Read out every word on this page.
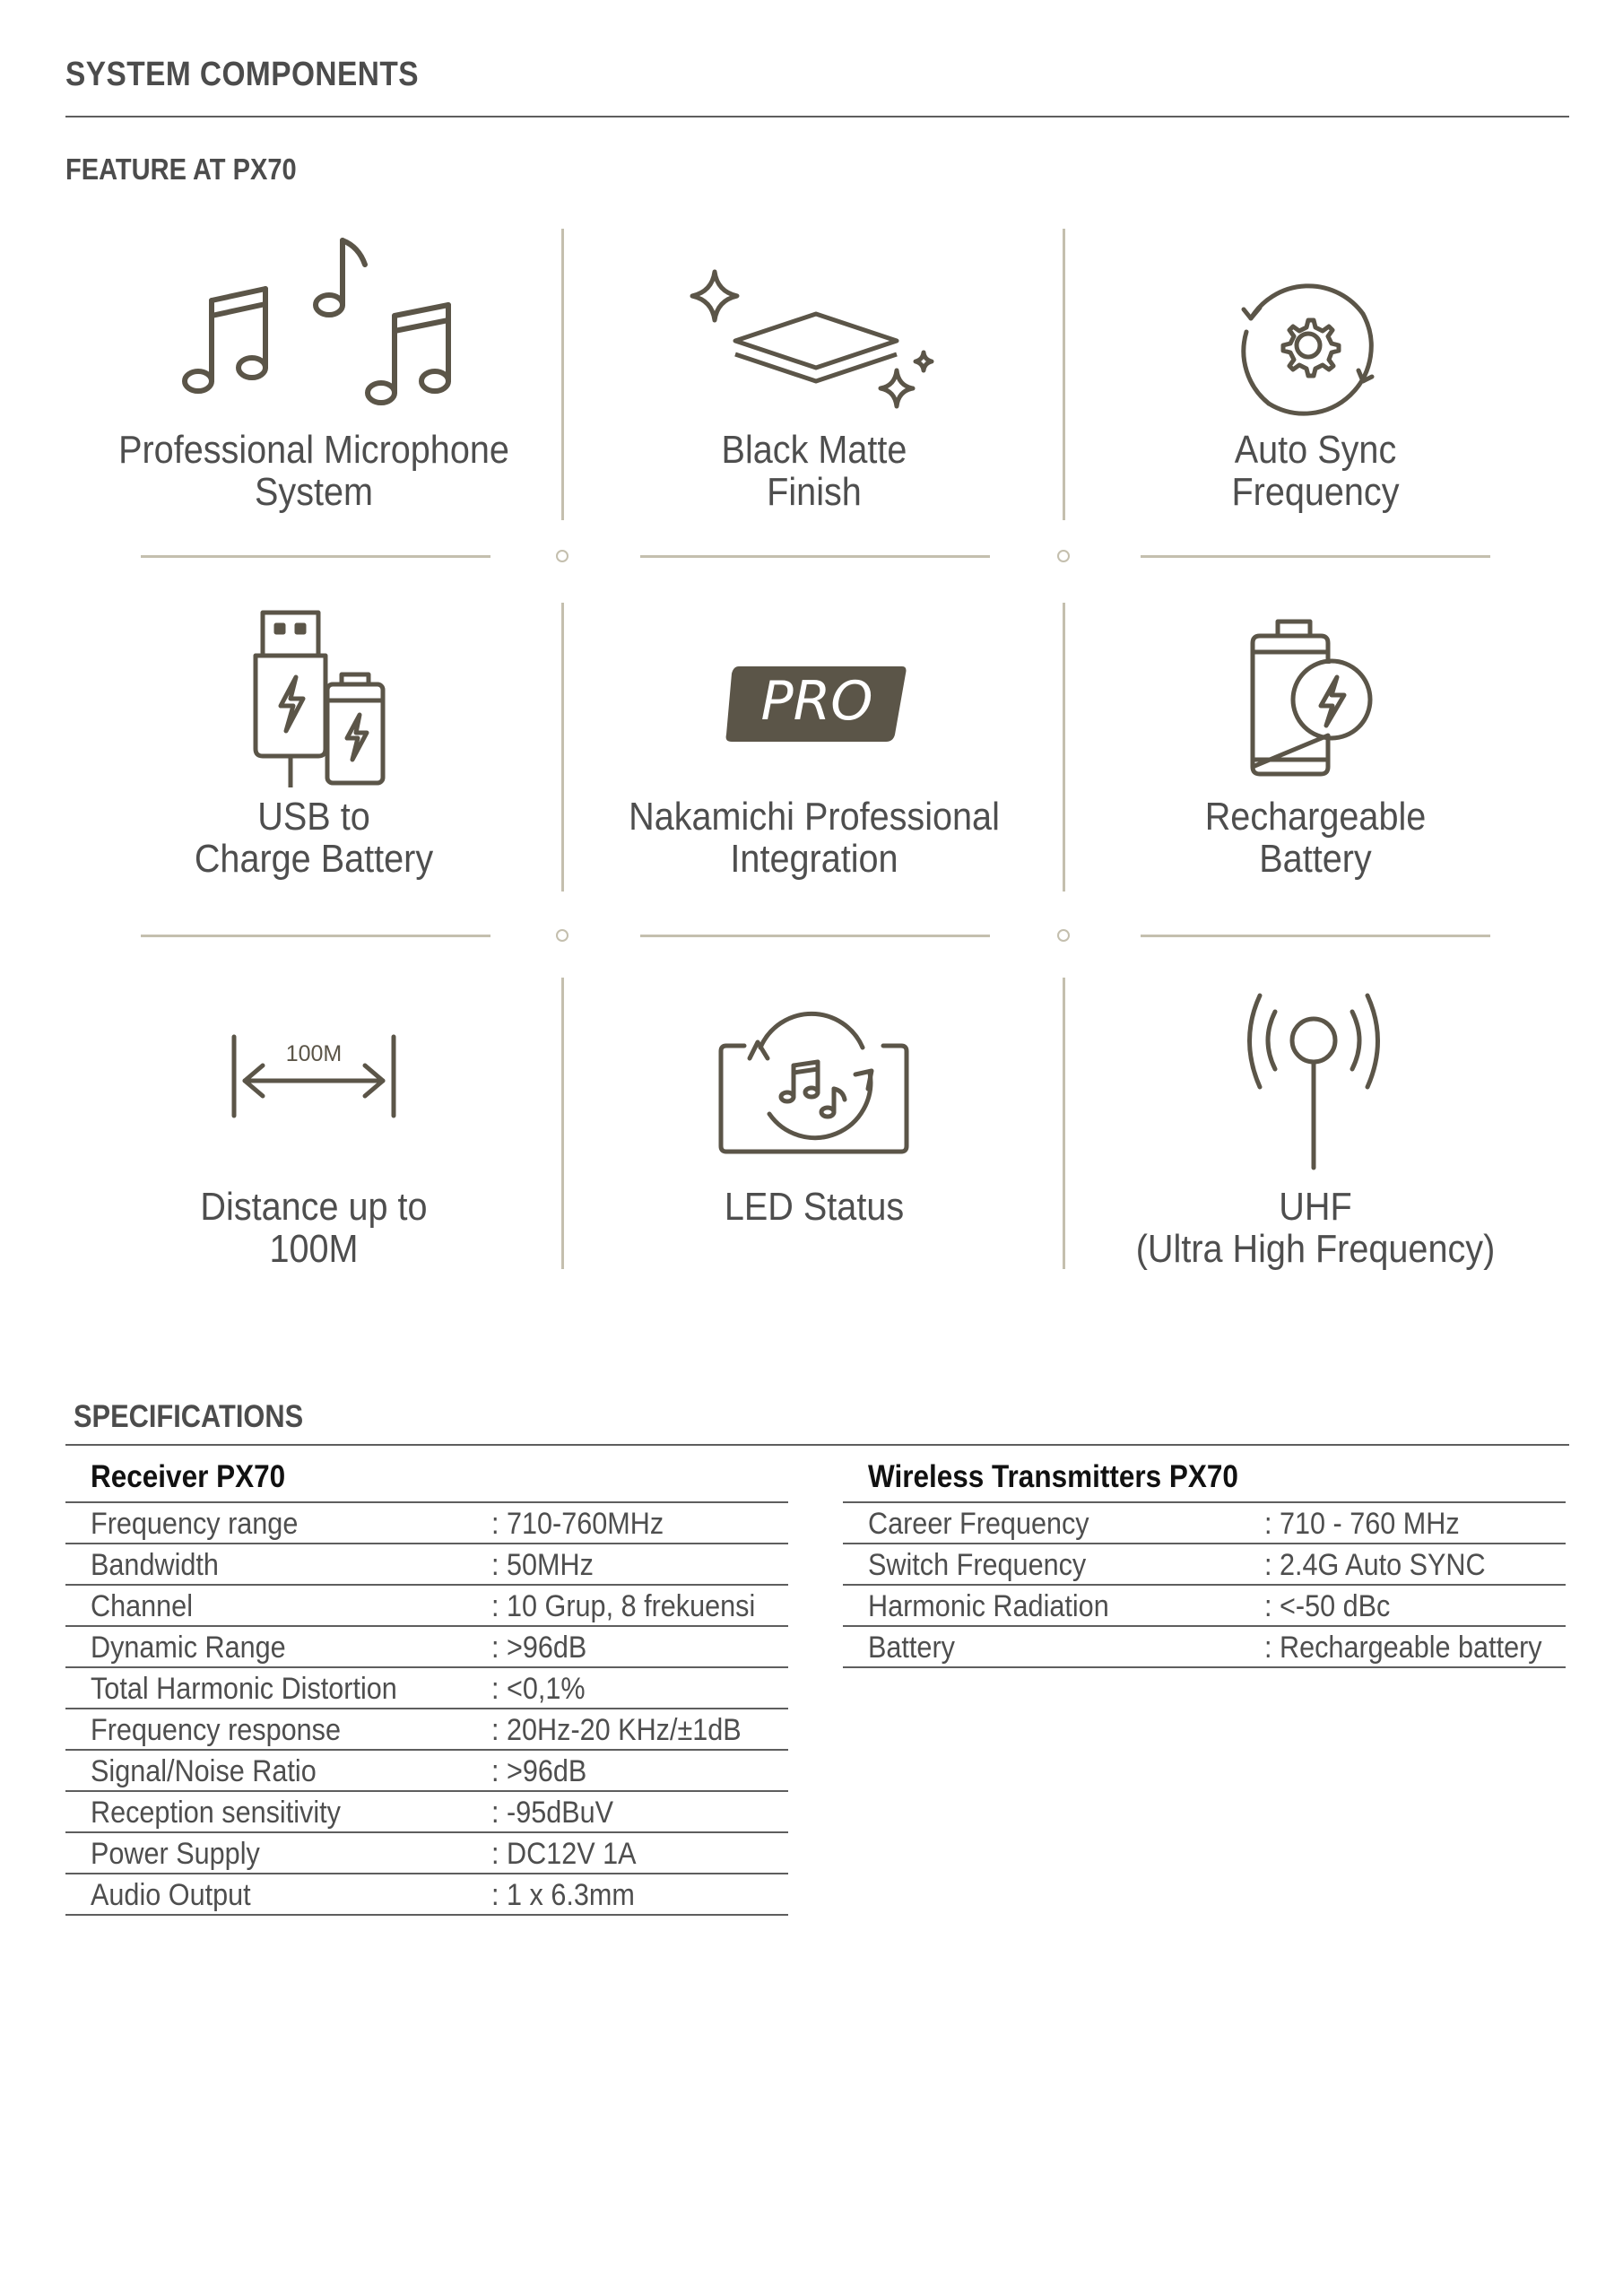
SYSTEM COMPONENTS
FEATURE AT PX70
Professional Microphone
System
Black Matte
Finish
Auto Sync
Frequency
USB to
Charge Battery
PRO
Nakamichi Professional
Integration
Rechargeable
Battery
100M
Distance up to
100M
LED Status	UHF
(Ultra High Frequency)
SPECIFICATIONS
Receiver PX70
Frequency range	: 710-760MHz
Bandwidth	: 50MHz
Channel	: 10 Grup, 8 frekuensi
Dynamic Range	: >96dB
Total Harmonic Distortion	: <0,1%
Frequency response	: 20Hz-20 KHz/±1dB
Signal/Noise Ratio	: >96dB
Reception sensitivity	: -95dBuV
Power Supply	: DC12V 1A
Audio Output	: 1 x 6.3mm
Wireless Transmitters PX70
Career Frequency	: 710 - 760 MHz
Switch Frequency	: 2.4G Auto SYNC
Harmonic Radiation	: <-50 dBc
Battery	: Rechargeable battery
